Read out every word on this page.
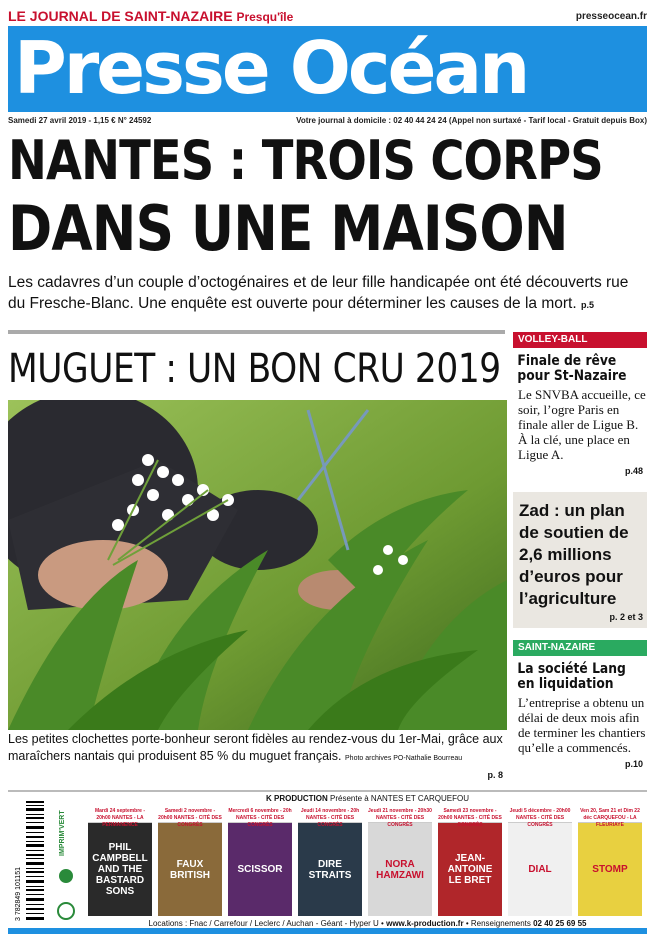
LE JOURNAL DE SAINT-NAZAIRE Presqu'île	presseocean.fr
Presse Océan
Samedi 27 avril 2019 - 1,15 € N° 24592	Votre journal à domicile : 02 40 44 24 24 (Appel non surtaxé - Tarif local - Gratuit depuis Box)
NANTES : TROIS CORPS
DANS UNE MAISON
Les cadavres d’un couple d’octogénaires et de leur fille handicapée ont été découverts rue du Fresche-Blanc. Une enquête est ouverte pour déterminer les causes de la mort. p.5
MUGUET : UN BON CRU 2019
Les petites clochettes porte-bonheur seront fidèles au rendez-vous du 1er-Mai, grâce aux maraîchers nantais qui produisent 85 % du muguet français. Photo archives PO-Nathalie Bourreau
p. 8
VOLLEY-BALL
Finale de rêve pour St-Nazaire

Le SNVBA accueille, ce soir, l’ogre Paris en finale aller de Ligue B. À la clé, une place en Ligue A.

p.48
Zad : un plan de soutien de 2,6 millions d’euros pour l’agriculture
p. 2 et 3
SAINT-NAZAIRE
La société Lang en liquidation

L’entreprise a obtenu un délai de deux mois afin de terminer les chantiers qu’elle a commencés.

p.10
3 782849 101151
IMPRIM'VERT
K PRODUCTION Présente à NANTES ET CARQUEFOU
Mardi 24 septembre - 20h00 NANTES - LA PERMANENCE
PHIL CAMPBELL AND THE BASTARD SONS
Samedi 2 novembre - 20h00 NANTES - CITÉ DES CONGRÈS
FAUX BRITISH
Mercredi 6 novembre - 20h NANTES - CITÉ DES CONGRÈS
SCISSOR
Jeudi 14 novembre - 20h NANTES - CITÉ DES CONGRÈS
DIRE STRAITS
Jeudi 21 novembre - 20h30 NANTES - CITÉ DES CONGRÈS
NORA HAMZAWI
Samedi 23 novembre - 20h00 NANTES - CITÉ DES CONGRÈS
JEAN-ANTOINE LE BRET
Jeudi 5 décembre - 20h00 NANTES - CITÉ DES CONGRÈS
DIAL
Ven 20, Sam 21 et Dim 22 déc CARQUEFOU - LA FLEURIAYE
STOMP
Locations : Fnac / Carrefour / Leclerc / Auchan - Géant - Hyper U • www.k-production.fr • Renseignements 02 40 25 69 55
